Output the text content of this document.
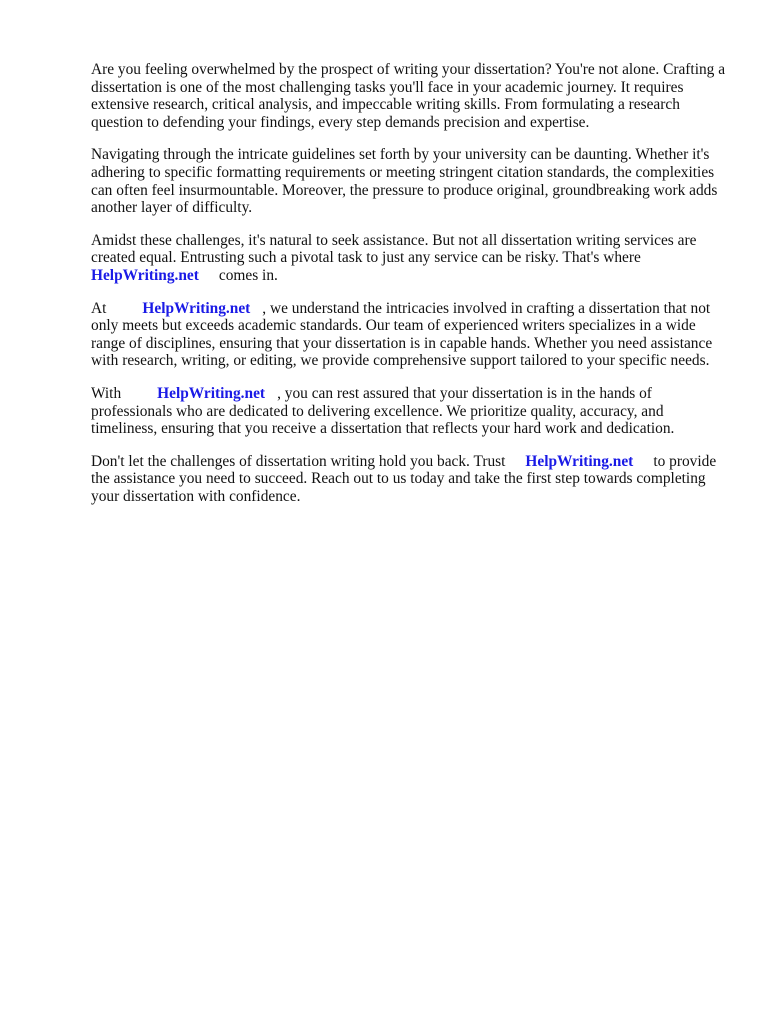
Are you feeling overwhelmed by the prospect of writing your dissertation? You're not alone. Crafting a dissertation is one of the most challenging tasks you'll face in your academic journey. It requires extensive research, critical analysis, and impeccable writing skills. From formulating a research question to defending your findings, every step demands precision and expertise.

Navigating through the intricate guidelines set forth by your university can be daunting. Whether it's adhering to specific formatting requirements or meeting stringent citation standards, the complexities can often feel insurmountable. Moreover, the pressure to produce original, groundbreaking work adds another layer of difficulty.

Amidst these challenges, it's natural to seek assistance. But not all dissertation writing services are created equal. Entrusting such a pivotal task to just any service can be risky. That's where
HelpWriting.net comes in.

At HelpWriting.net , we understand the intricacies involved in crafting a dissertation that not only meets but exceeds academic standards. Our team of experienced writers specializes in a wide range of disciplines, ensuring that your dissertation is in capable hands. Whether you need assistance with research, writing, or editing, we provide comprehensive support tailored to your specific needs.

With HelpWriting.net , you can rest assured that your dissertation is in the hands of professionals who are dedicated to delivering excellence. We prioritize quality, accuracy, and timeliness, ensuring that you receive a dissertation that reflects your hard work and dedication.

Don't let the challenges of dissertation writing hold you back. Trust HelpWriting.net to provide the assistance you need to succeed. Reach out to us today and take the first step towards completing your dissertation with confidence.
